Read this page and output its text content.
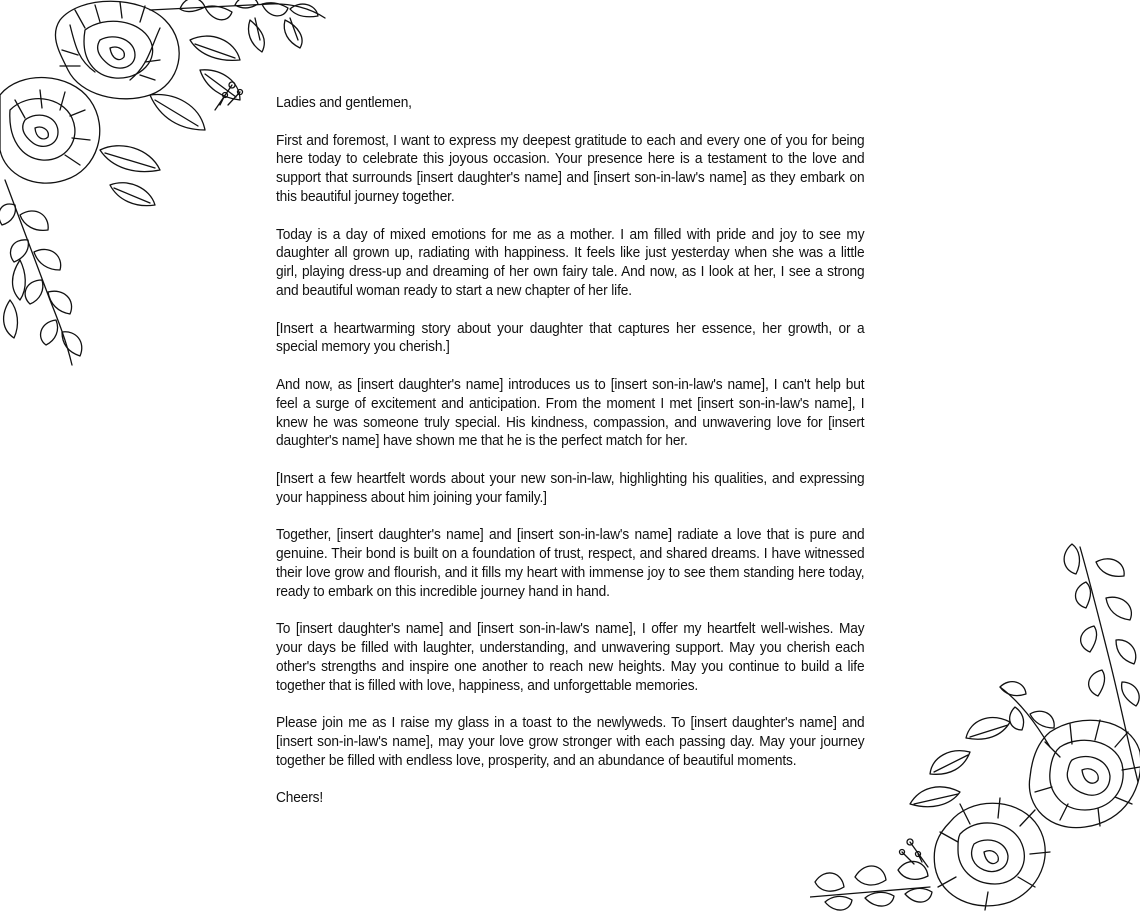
Ladies and gentlemen,

First and foremost, I want to express my deepest gratitude to each and every one of you for being here today to celebrate this joyous occasion. Your presence here is a testament to the love and support that surrounds [insert daughter's name] and [insert son-in-law's name] as they embark on this beautiful journey together.

Today is a day of mixed emotions for me as a mother. I am filled with pride and joy to see my daughter all grown up, radiating with happiness. It feels like just yesterday when she was a little girl, playing dress-up and dreaming of her own fairy tale. And now, as I look at her, I see a strong and beautiful woman ready to start a new chapter of her life.

[Insert a heartwarming story about your daughter that captures her essence, her growth, or a special memory you cherish.]

And now, as [insert daughter's name] introduces us to [insert son-in-law's name], I can't help but feel a surge of excitement and anticipation. From the moment I met [insert son-in-law's name], I knew he was someone truly special. His kindness, compassion, and unwavering love for [insert daughter's name] have shown me that he is the perfect match for her.

[Insert a few heartfelt words about your new son-in-law, highlighting his qualities, and expressing your happiness about him joining your family.]

Together, [insert daughter's name] and [insert son-in-law's name] radiate a love that is pure and genuine. Their bond is built on a foundation of trust, respect, and shared dreams. I have witnessed their love grow and flourish, and it fills my heart with immense joy to see them standing here today, ready to embark on this incredible journey hand in hand.

To [insert daughter's name] and [insert son-in-law's name], I offer my heartfelt well-wishes. May your days be filled with laughter, understanding, and unwavering support. May you cherish each other's strengths and inspire one another to reach new heights. May you continue to build a life together that is filled with love, happiness, and unforgettable memories.

Please join me as I raise my glass in a toast to the newlyweds. To [insert daughter's name] and [insert son-in-law's name], may your love grow stronger with each passing day. May your journey together be filled with endless love, prosperity, and an abundance of beautiful moments.

Cheers!
